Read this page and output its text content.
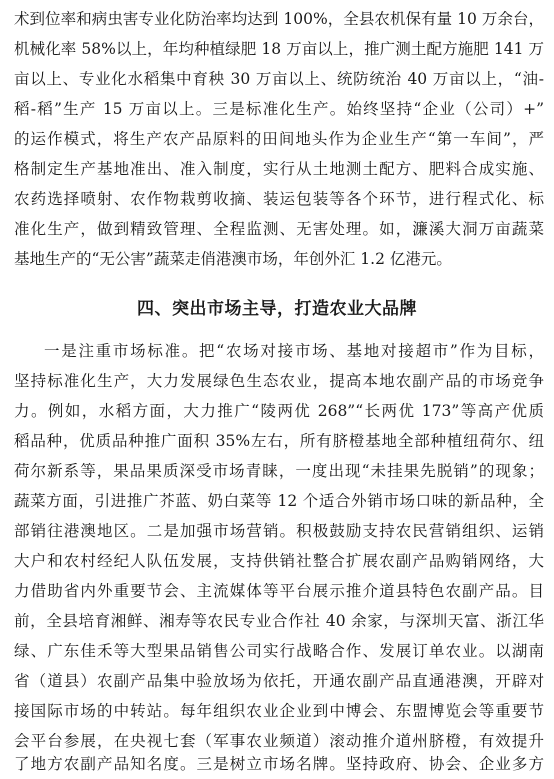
术到位率和病虫害专业化防治率均达到 100%，全县农机保有量 10 万余台，
机械化率 58%以上，年均种植绿肥 18 万亩以上，推广测土配方施肥 141 万
亩以上、专业化水稻集中育秧 30 万亩以上、统防统治 40 万亩以上，“油-
稻-稻”生产 15 万亩以上。三是标准化生产。始终坚持“企业（公司）+”
的运作模式，将生产农产品原料的田间地头作为企业生产“第一车间”，严
格制定生产基地准出、准入制度，实行从土地测土配方、肥料合成实施、
农药选择喷射、农作物栽剪收摘、装运包装等各个环节，进行程式化、标
准化生产，做到精致管理、全程监测、无害处理。如，濂溪大洞万亩蔬菜
基地生产的“无公害”蔬菜走俏港澳市场，年创外汇 1.2 亿港元。
四、突出市场主导，打造农业大品牌
一是注重市场标准。把“农场对接市场、基地对接超市”作为目标，
坚持标准化生产，大力发展绿色生态农业，提高本地农副产品的市场竞争
力。例如，水稻方面，大力推广“陵两优 268”“长两优 173”等高产优质
稻品种，优质品种推广面积 35%左右，所有脐橙基地全部种植纽荷尔、纽
荷尔新系等，果品果质深受市场青睐，一度出现“未挂果先脱销”的现象；
蔬菜方面，引进推广芥蓝、奶白菜等 12 个适合外销市场口味的新品种，全
部销往港澳地区。二是加强市场营销。积极鼓励支持农民营销组织、运销
大户和农村经纪人队伍发展，支持供销社整合扩展农副产品购销网络，大
力借助省内外重要节会、主流媒体等平台展示推介道县特色农副产品。目
前，全县培育湘鲜、湘寿等农民专业合作社 40 余家，与深圳天富、浙江华
绿、广东佳禾等大型果品销售公司实行战略合作、发展订单农业。以湖南
省（道县）农副产品集中验放场为依托，开通农副产品直通港澳，开辟对
接国际市场的中转站。每年组织农业企业到中博会、东盟博览会等重要节
会平台参展，在央视七套（军事农业频道）滚动推介道州脐橙，有效提升
了地方农副产品知名度。三是树立市场名牌。坚持政府、协会、企业多方
